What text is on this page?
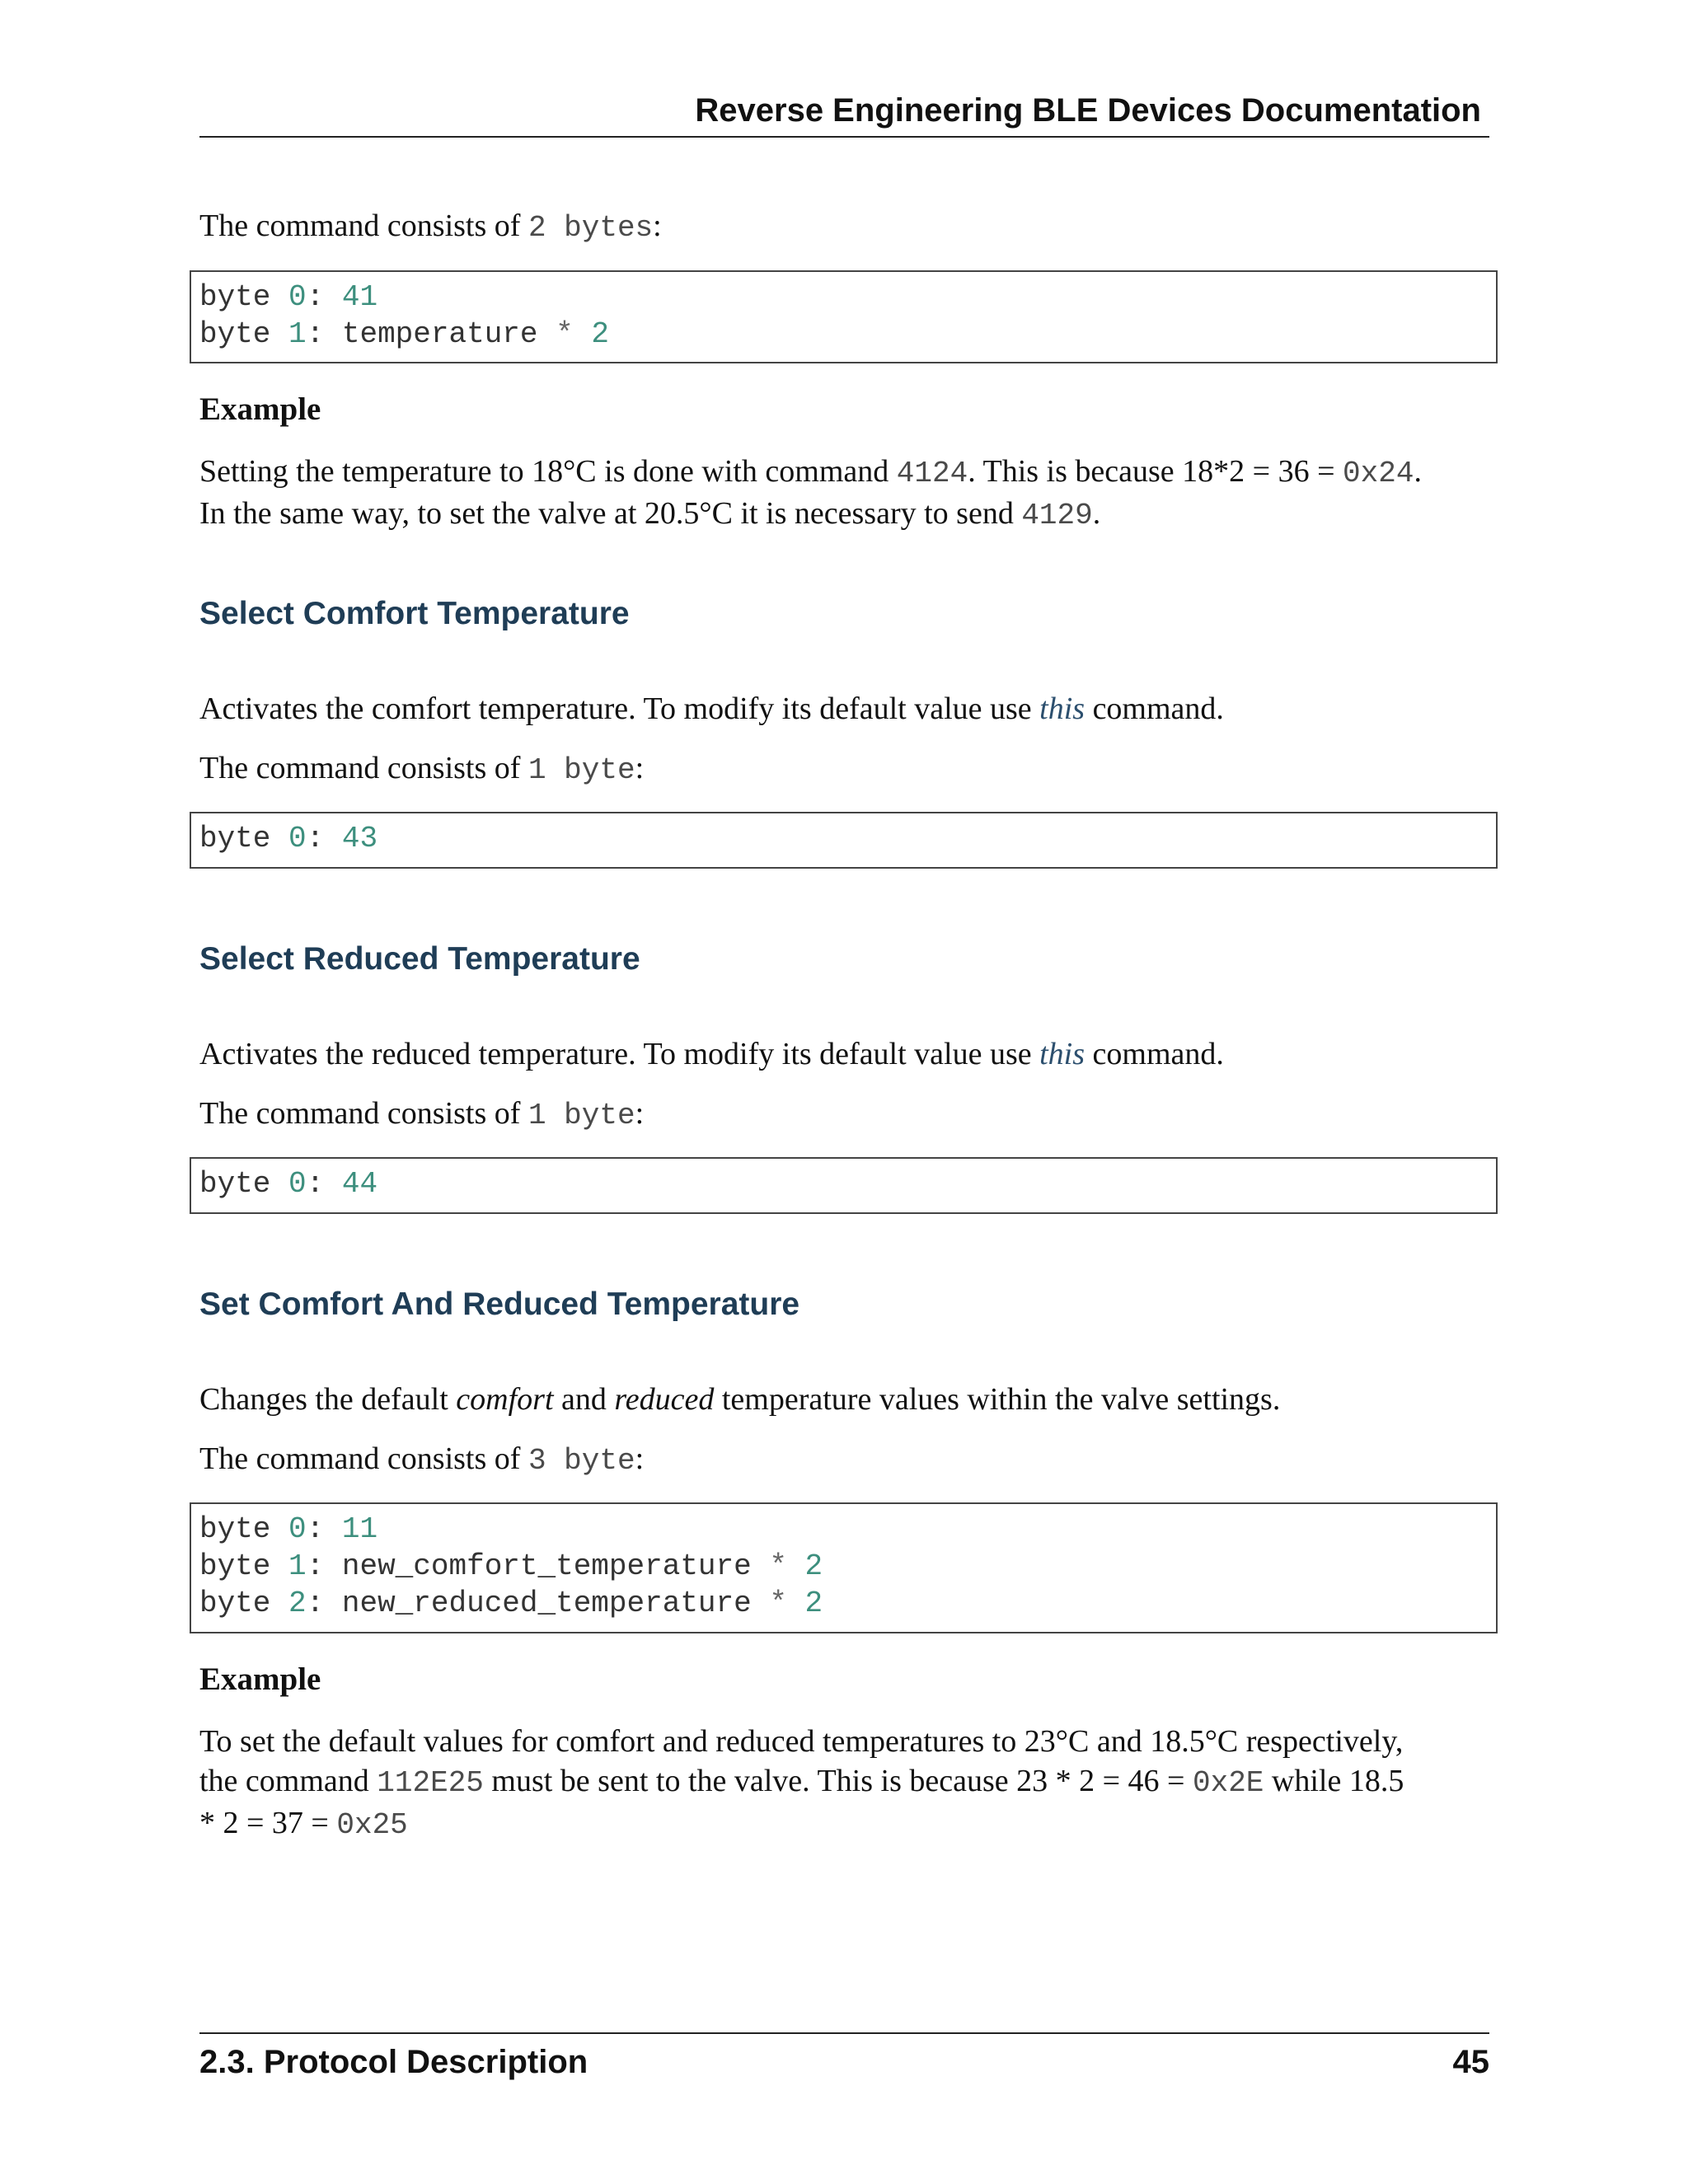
Reverse Engineering BLE Devices Documentation
The command consists of 2 bytes:
byte 0: 41
byte 1: temperature * 2
Example
Setting the temperature to 18°C is done with command 4124. This is because 18*2 = 36 = 0x24.
In the same way, to set the valve at 20.5°C it is necessary to send 4129.
Select Comfort Temperature
Activates the comfort temperature. To modify its default value use this command.
The command consists of 1 byte:
byte 0: 43
Select Reduced Temperature
Activates the reduced temperature. To modify its default value use this command.
The command consists of 1 byte:
byte 0: 44
Set Comfort And Reduced Temperature
Changes the default comfort and reduced temperature values within the valve settings.
The command consists of 3 byte:
byte 0: 11
byte 1: new_comfort_temperature * 2
byte 2: new_reduced_temperature * 2
Example
To set the default values for comfort and reduced temperatures to 23°C and 18.5°C respectively,
the command 112E25 must be sent to the valve. This is because 23 * 2 = 46 = 0x2E while 18.5
* 2 = 37 = 0x25
2.3. Protocol Description	45
